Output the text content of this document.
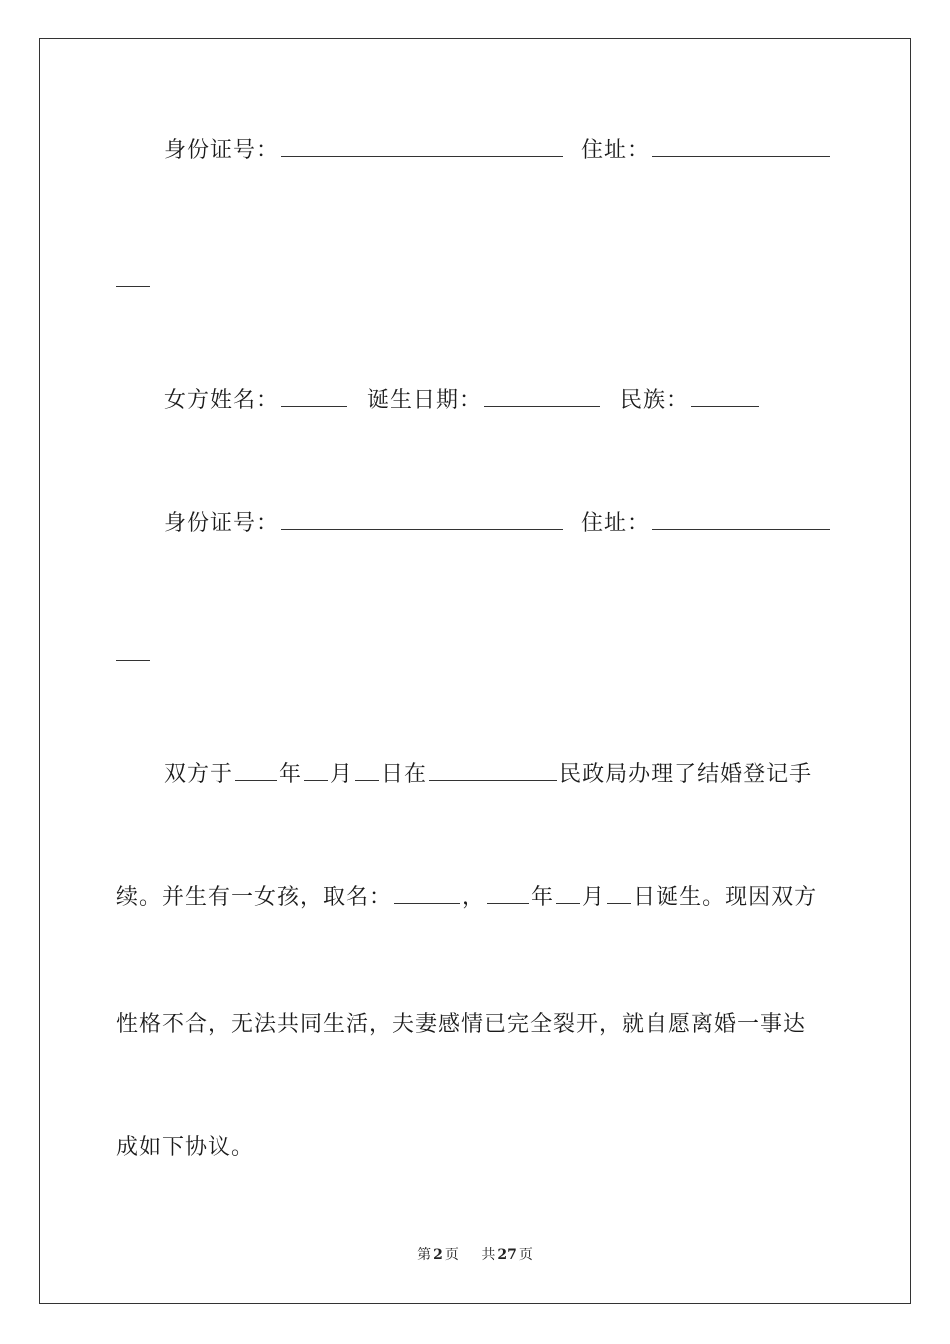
身份证号：	住址：
女方姓名：	诞生日期：	民族：
身份证号：	住址：
双方于 年 月 日在	民政局办理了结婚登记手
续。并生有一女孩，取名：	， 年 月 日诞生。现因双方
性格不合，无法共同生活，夫妻感情已完全裂开，就自愿离婚一事达
成如下协议。
第 2 页 共 27 页
